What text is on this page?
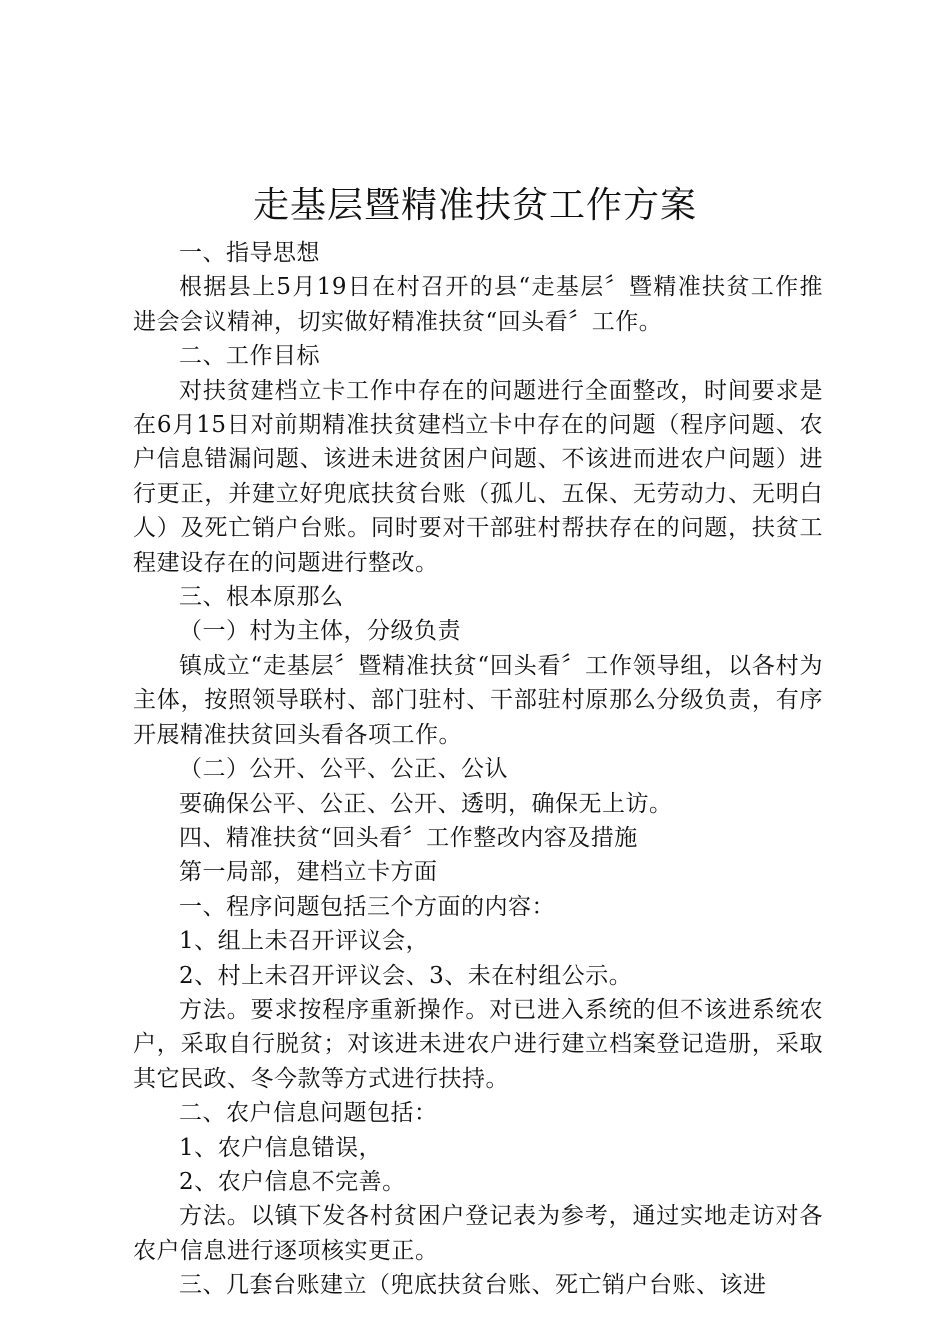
走基层暨精准扶贫工作方案

一、指导思想

根据县上5月19日在村召开的县“走基层〞暨精准扶贫工作推进会会议精神，切实做好精准扶贫“回头看〞工作。

二、工作目标

对扶贫建档立卡工作中存在的问题进行全面整改，时间要求是在6月15日对前期精准扶贫建档立卡中存在的问题（程序问题、农户信息错漏问题、该进未进贫困户问题、不该进而进农户问题）进行更正，并建立好兜底扶贫台账（孤儿、五保、无劳动力、无明白人）及死亡销户台账。同时要对干部驻村帮扶存在的问题，扶贫工程建设存在的问题进行整改。

三、根本原那么

（一）村为主体，分级负责

镇成立“走基层〞暨精准扶贫“回头看〞工作领导组，以各村为主体，按照领导联村、部门驻村、干部驻村原那么分级负责，有序开展精准扶贫回头看各项工作。

（二）公开、公平、公正、公认

要确保公平、公正、公开、透明，确保无上访。

四、精准扶贫“回头看〞工作整改内容及措施

第一局部，建档立卡方面

一、程序问题包括三个方面的内容：

1、组上未召开评议会，

2、村上未召开评议会、3、未在村组公示。

方法。要求按程序重新操作。对已进入系统的但不该进系统农户，采取自行脱贫；对该进未进农户进行建立档案登记造册，采取其它民政、冬今款等方式进行扶持。

二、农户信息问题包括：

1、农户信息错误，

2、农户信息不完善。

方法。以镇下发各村贫困户登记表为参考，通过实地走访对各农户信息进行逐项核实更正。

三、几套台账建立（兜底扶贫台账、死亡销户台账、该进
